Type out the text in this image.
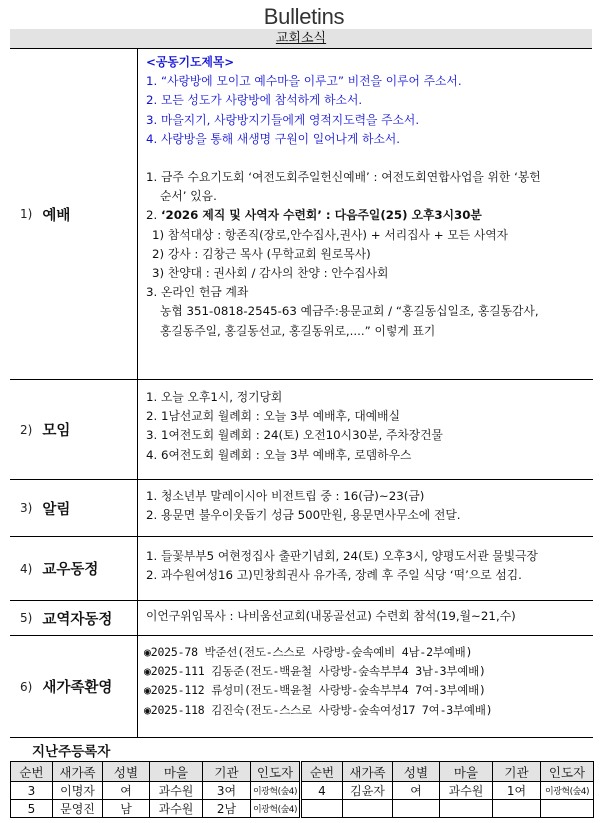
Bulletins
교회소식
1) 예배
<공동기도제목>
1. “사랑방에 모이고 예수마을 이루고” 비전을 이루어 주소서.
2. 모든 성도가 사랑방에 참석하게 하소서.
3. 마을지기, 사랑방지기들에게 영적지도력을 주소서.
4. 사랑방을 통해 새생명 구원이 일어나게 하소서.
1. 금주 수요기도회 ‘여전도회주일헌신예배’ : 여전도회연합사업을 위한 ‘봉헌
순서’ 있음.
2. ‘2026 제직 및 사역자 수련회’ : 다음주일(25) 오후3시30분
1) 참석대상 : 항존직(장로,안수집사,권사) + 서리집사 + 모든 사역자
2) 강사 : 김창근 목사 (무학교회 원로목사)
3) 찬양대 : 권사회 / 감사의 찬양 : 안수집사회
3. 온라인 헌금 계좌
농협 351-0818-2545-63 예금주:용문교회 / “홍길동십일조, 홍길동감사,
홍길동주일, 홍길동선교, 홍길동위로,....” 이렇게 표기
2) 모임
1. 오늘 오후1시, 정기당회
2. 1남선교회 월례회 : 오늘 3부 예배후, 대예배실
3. 1여전도회 월례회 : 24(토) 오전10시30분, 주차장건물
4. 6여전도회 월례회 : 오늘 3부 예배후, 로뎀하우스
3) 알림
1. 청소년부 말레이시아 비전트립 중 : 16(금)~23(금)
2. 용문면 불우이웃돕기 성금 500만원, 용문면사무소에 전달.
4) 교우동정
1. 들꽃부부5 여현정집사 출판기념회, 24(토) 오후3시, 양평도서관 물빛극장
2. 과수원여성16 고)민창희권사 유가족, 장례 후 주일 식당 ‘떡’으로 섬김.
5) 교역자동정	이언구위임목사 : 나비움선교회(내몽골선교) 수련회 참석(19,월~21,수)
6) 새가족환영
◉2025-78 박준선(전도-스스로 사랑방-숲속예비 4남-2부예배)
◉2025-111 김동준(전도-백윤철 사랑방-숲속부부4 3남-3부예배)
◉2025-112 류성미(전도-백윤철 사랑방-숲속부부4 7여-3부예배)
◉2025-118 김진숙(전도-스스로 사랑방-숲속여성17 7여-3부예배)
지난주등록자
순번	새가족	성별	마을	기관	인도자	순번	새가족	성별	마을	기관	인도자
3	이명자	여	과수원	3여	이광혁(숲4)	4	김윤자	여	과수원	1여	이광혁(숲4)
5	문영진	남	과수원	2남	이광혁(숲4)						
